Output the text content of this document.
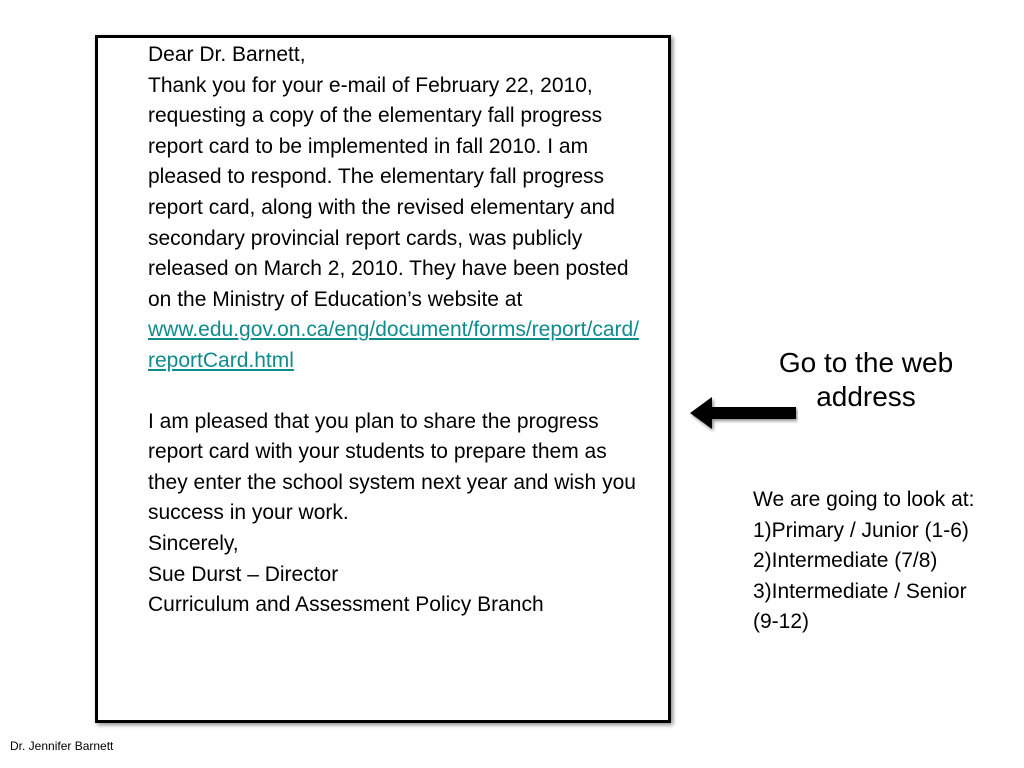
Dear Dr. Barnett,

Thank you for your e-mail of February 22, 2010, requesting a copy of the elementary fall progress report card to be implemented in fall 2010. I am pleased to respond. The elementary fall progress report card, along with the revised elementary and secondary provincial report cards, was publicly released on March 2, 2010. They have been posted on the Ministry of Education’s website at

www.edu.gov.on.ca/eng/document/forms/report/card/reportCard.html

I am pleased that you plan to share the progress report card with your students to prepare them as they enter the school system next year and wish you success in your work.

Sincerely,

Sue Durst – Director

Curriculum and Assessment Policy Branch

Go to the web address
We are going to look at:
1)Primary / Junior (1-6)
2)Intermediate (7/8)
3)Intermediate / Senior (9-12)
Dr. Jennifer Barnett
